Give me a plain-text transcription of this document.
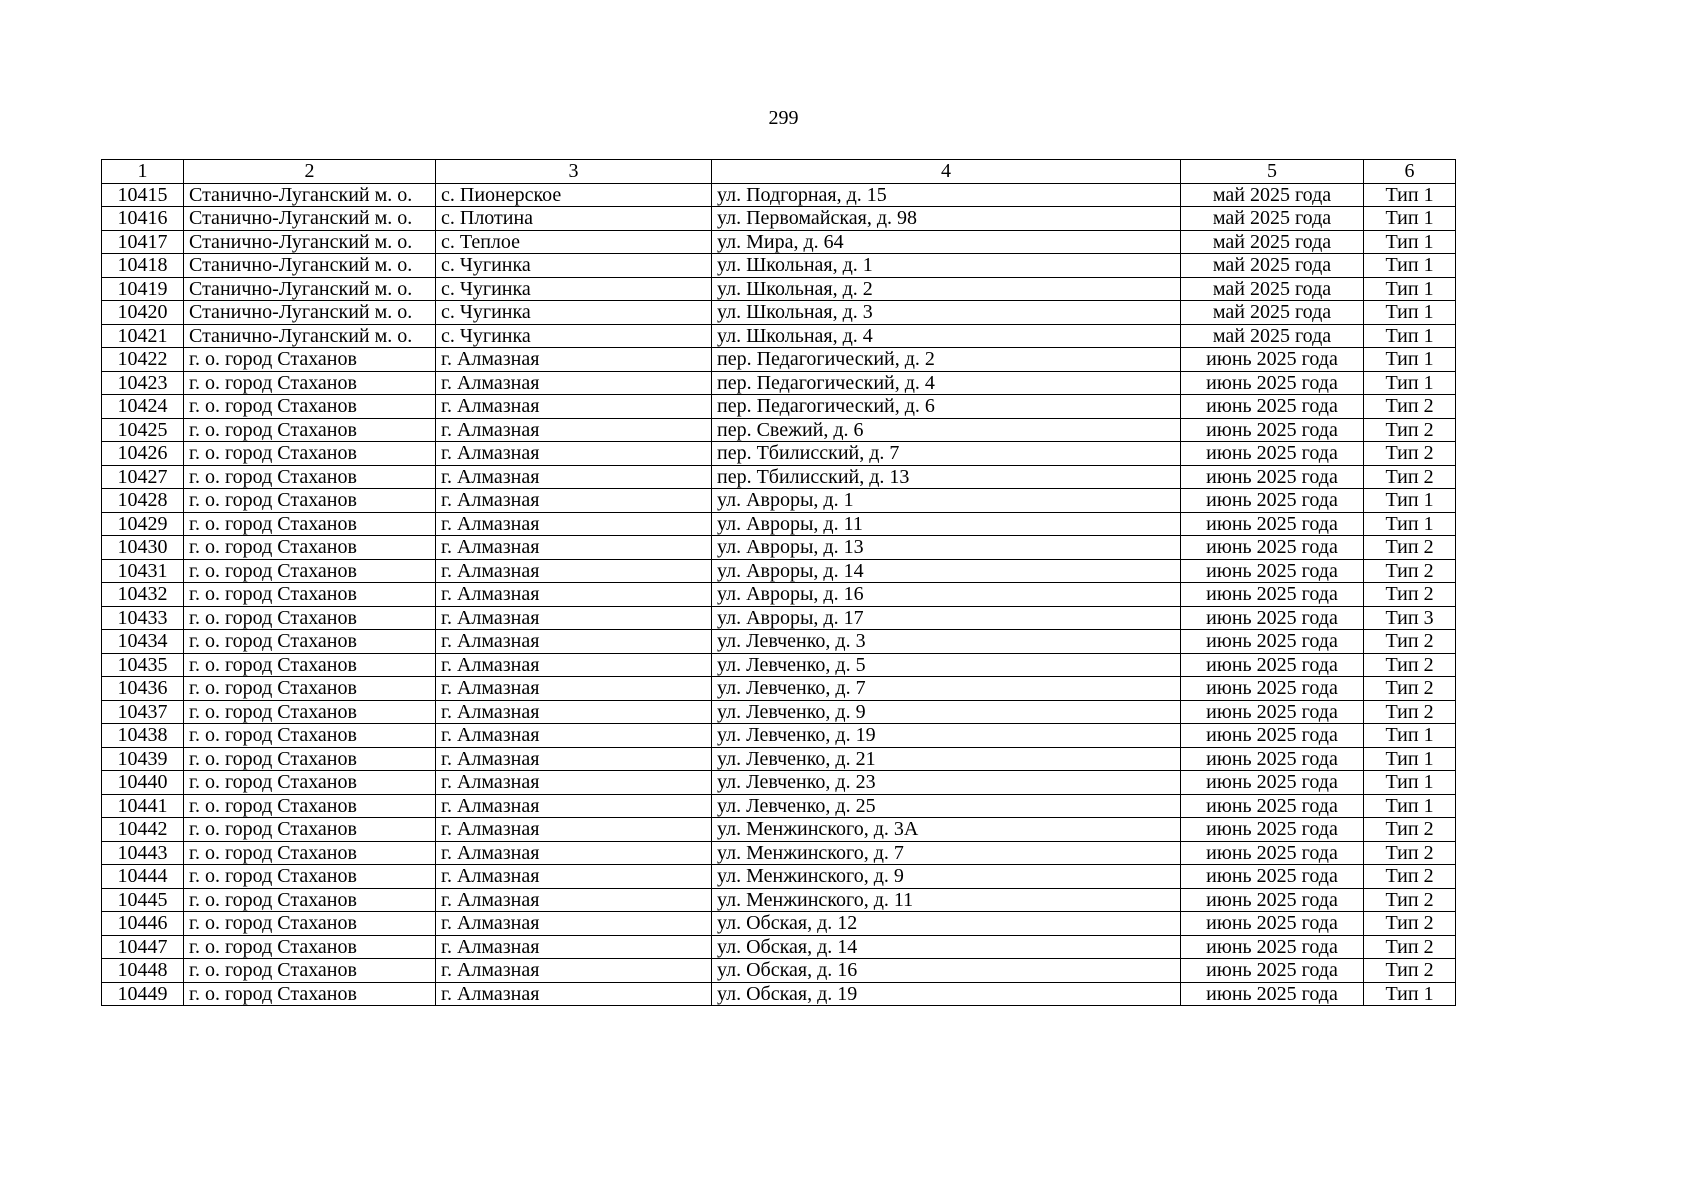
299
1	2	3	4	5	6
10415	Станично-Луганский м. о.	с. Пионерское	ул. Подгорная, д. 15	май 2025 года	Тип 1
10416	Станично-Луганский м. о.	с. Плотина	ул. Первомайская, д. 98	май 2025 года	Тип 1
10417	Станично-Луганский м. о.	с. Теплое	ул. Мира, д. 64	май 2025 года	Тип 1
10418	Станично-Луганский м. о.	с. Чугинка	ул. Школьная, д. 1	май 2025 года	Тип 1
10419	Станично-Луганский м. о.	с. Чугинка	ул. Школьная, д. 2	май 2025 года	Тип 1
10420	Станично-Луганский м. о.	с. Чугинка	ул. Школьная, д. 3	май 2025 года	Тип 1
10421	Станично-Луганский м. о.	с. Чугинка	ул. Школьная, д. 4	май 2025 года	Тип 1
10422	г. о. город Стаханов	г. Алмазная	пер. Педагогический, д. 2	июнь 2025 года	Тип 1
10423	г. о. город Стаханов	г. Алмазная	пер. Педагогический, д. 4	июнь 2025 года	Тип 1
10424	г. о. город Стаханов	г. Алмазная	пер. Педагогический, д. 6	июнь 2025 года	Тип 2
10425	г. о. город Стаханов	г. Алмазная	пер. Свежий, д. 6	июнь 2025 года	Тип 2
10426	г. о. город Стаханов	г. Алмазная	пер. Тбилисский, д. 7	июнь 2025 года	Тип 2
10427	г. о. город Стаханов	г. Алмазная	пер. Тбилисский, д. 13	июнь 2025 года	Тип 2
10428	г. о. город Стаханов	г. Алмазная	ул. Авроры, д. 1	июнь 2025 года	Тип 1
10429	г. о. город Стаханов	г. Алмазная	ул. Авроры, д. 11	июнь 2025 года	Тип 1
10430	г. о. город Стаханов	г. Алмазная	ул. Авроры, д. 13	июнь 2025 года	Тип 2
10431	г. о. город Стаханов	г. Алмазная	ул. Авроры, д. 14	июнь 2025 года	Тип 2
10432	г. о. город Стаханов	г. Алмазная	ул. Авроры, д. 16	июнь 2025 года	Тип 2
10433	г. о. город Стаханов	г. Алмазная	ул. Авроры, д. 17	июнь 2025 года	Тип 3
10434	г. о. город Стаханов	г. Алмазная	ул. Левченко, д. 3	июнь 2025 года	Тип 2
10435	г. о. город Стаханов	г. Алмазная	ул. Левченко, д. 5	июнь 2025 года	Тип 2
10436	г. о. город Стаханов	г. Алмазная	ул. Левченко, д. 7	июнь 2025 года	Тип 2
10437	г. о. город Стаханов	г. Алмазная	ул. Левченко, д. 9	июнь 2025 года	Тип 2
10438	г. о. город Стаханов	г. Алмазная	ул. Левченко, д. 19	июнь 2025 года	Тип 1
10439	г. о. город Стаханов	г. Алмазная	ул. Левченко, д. 21	июнь 2025 года	Тип 1
10440	г. о. город Стаханов	г. Алмазная	ул. Левченко, д. 23	июнь 2025 года	Тип 1
10441	г. о. город Стаханов	г. Алмазная	ул. Левченко, д. 25	июнь 2025 года	Тип 1
10442	г. о. город Стаханов	г. Алмазная	ул. Менжинского, д. 3А	июнь 2025 года	Тип 2
10443	г. о. город Стаханов	г. Алмазная	ул. Менжинского, д. 7	июнь 2025 года	Тип 2
10444	г. о. город Стаханов	г. Алмазная	ул. Менжинского, д. 9	июнь 2025 года	Тип 2
10445	г. о. город Стаханов	г. Алмазная	ул. Менжинского, д. 11	июнь 2025 года	Тип 2
10446	г. о. город Стаханов	г. Алмазная	ул. Обская, д. 12	июнь 2025 года	Тип 2
10447	г. о. город Стаханов	г. Алмазная	ул. Обская, д. 14	июнь 2025 года	Тип 2
10448	г. о. город Стаханов	г. Алмазная	ул. Обская, д. 16	июнь 2025 года	Тип 2
10449	г. о. город Стаханов	г. Алмазная	ул. Обская, д. 19	июнь 2025 года	Тип 1
